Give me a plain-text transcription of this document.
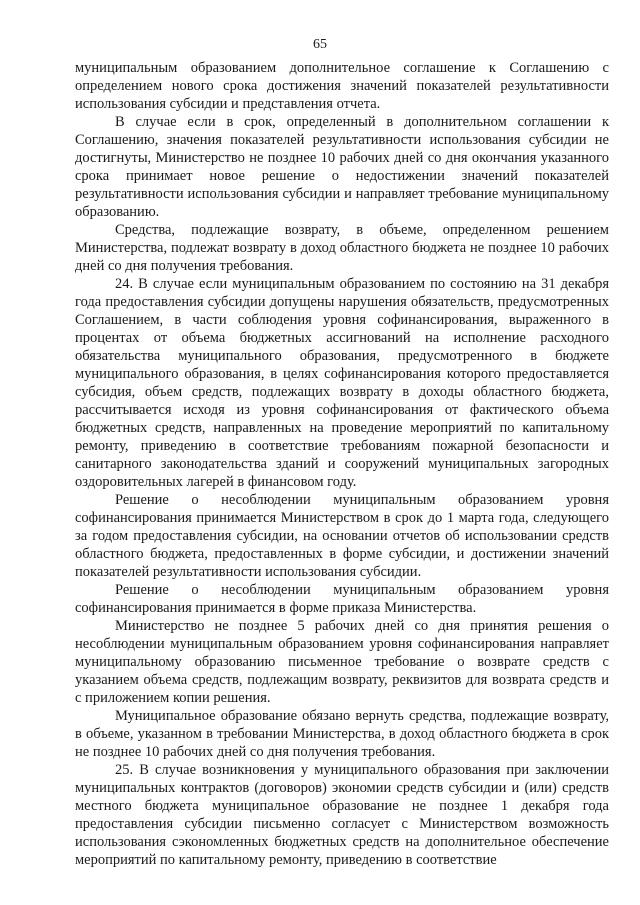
65

муниципальным образованием дополнительное соглашение к Соглашению с определением нового срока достижения значений показателей результативности использования субсидии и представления отчета.

В случае если в срок, определенный в дополнительном соглашении к Соглашению, значения показателей результативности использования субсидии не достигнуты, Министерство не позднее 10 рабочих дней со дня окончания указанного срока принимает новое решение о недостижении значений показателей результативности использования субсидии и направляет требование муниципальному образованию.

Средства, подлежащие возврату, в объеме, определенном решением Министерства, подлежат возврату в доход областного бюджета не позднее 10 рабочих дней со дня получения требования.

24. В случае если муниципальным образованием по состоянию на 31 декабря года предоставления субсидии допущены нарушения обязательств, предусмотренных Соглашением, в части соблюдения уровня софинансирования, выраженного в процентах от объема бюджетных ассигнований на исполнение расходного обязательства муниципального образования, предусмотренного в бюджете муниципального образования, в целях софинансирования которого предоставляется субсидия, объем средств, подлежащих возврату в доходы областного бюджета, рассчитывается исходя из уровня софинансирования от фактического объема бюджетных средств, направленных на проведение мероприятий по капитальному ремонту, приведению в соответствие требованиям пожарной безопасности и санитарного законодательства зданий и сооружений муниципальных загородных оздоровительных лагерей в финансовом году.

Решение о несоблюдении муниципальным образованием уровня софинансирования принимается Министерством в срок до 1 марта года, следующего за годом предоставления субсидии, на основании отчетов об использовании средств областного бюджета, предоставленных в форме субсидии, и достижении значений показателей результативности использования субсидии.

Решение о несоблюдении муниципальным образованием уровня софинансирования принимается в форме приказа Министерства.

Министерство не позднее 5 рабочих дней со дня принятия решения о несоблюдении муниципальным образованием уровня софинансирования направляет муниципальному образованию письменное требование о возврате средств с указанием объема средств, подлежащим возврату, реквизитов для возврата средств и с приложением копии решения.

Муниципальное образование обязано вернуть средства, подлежащие возврату, в объеме, указанном в требовании Министерства, в доход областного бюджета в срок не позднее 10 рабочих дней со дня получения требования.

25. В случае возникновения у муниципального образования при заключении муниципальных контрактов (договоров) экономии средств субсидии и (или) средств местного бюджета муниципальное образование не позднее 1 декабря года предоставления субсидии письменно согласует с Министерством возможность использования сэкономленных бюджетных средств на дополнительное обеспечение мероприятий по капитальному ремонту, приведению в соответствие
